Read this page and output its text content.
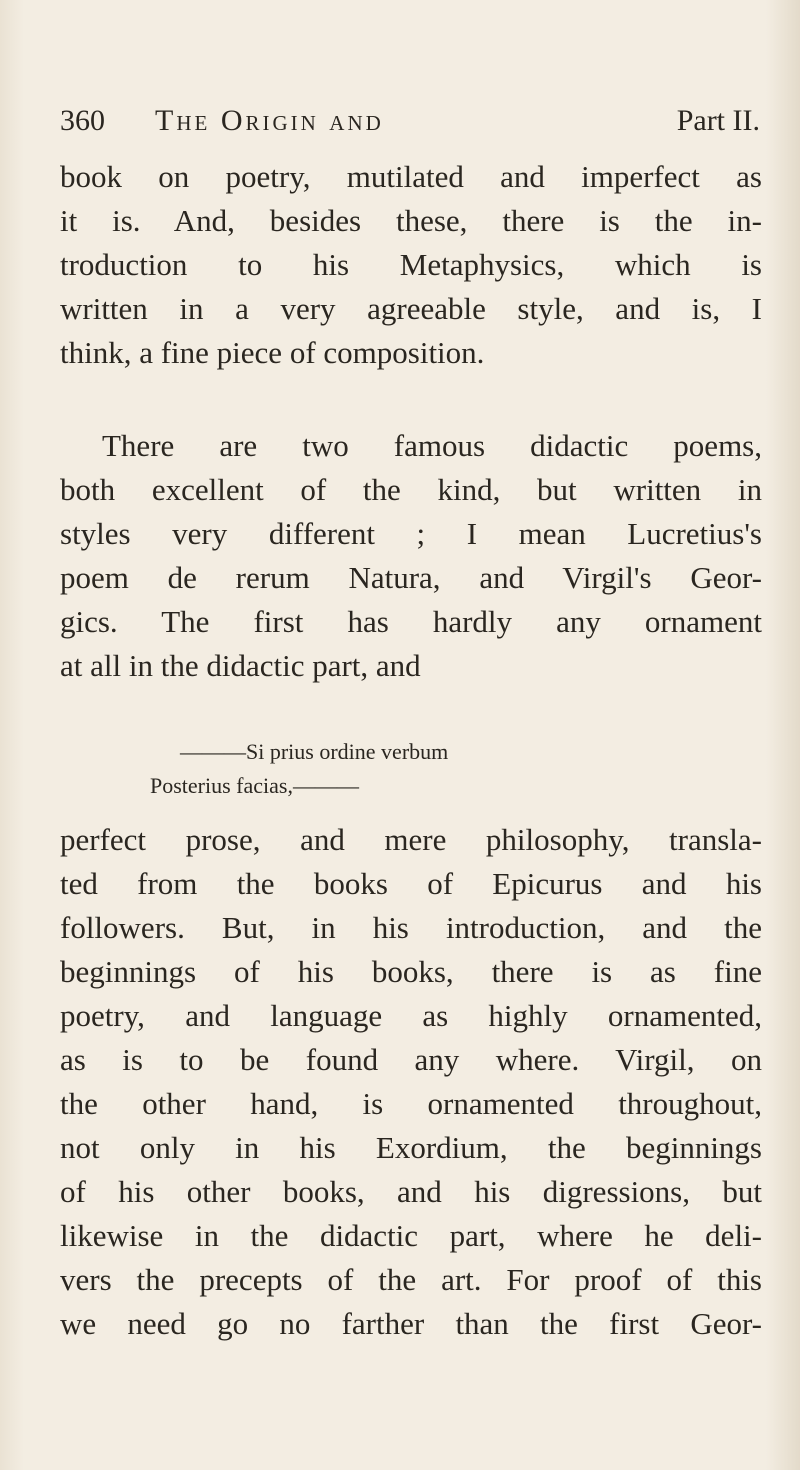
360 The Origin and	Part II.
book on poetry, mutilated and imperfect as
it is. And, besides these, there is the in-
troduction to his Metaphysics, which is
written in a very agreeable style, and is, I
think, a fine piece of composition.
There are two famous didactic poems,
both excellent of the kind, but written in
styles very different ; I mean Lucretius's
poem de rerum Natura, and Virgil's Geor-
gics. The first has hardly any ornament
at all in the didactic part, and
———Si prius ordine verbum
Posterius facias,———
perfect prose, and mere philosophy, transla-
ted from the books of Epicurus and his
followers. But, in his introduction, and the
beginnings of his books, there is as fine
poetry, and language as highly ornamented,
as is to be found any where. Virgil, on
the other hand, is ornamented throughout,
not only in his Exordium, the beginnings
of his other books, and his digressions, but
likewise in the didactic part, where he deli-
vers the precepts of the art. For proof of this
we need go no farther than the first Geor-
